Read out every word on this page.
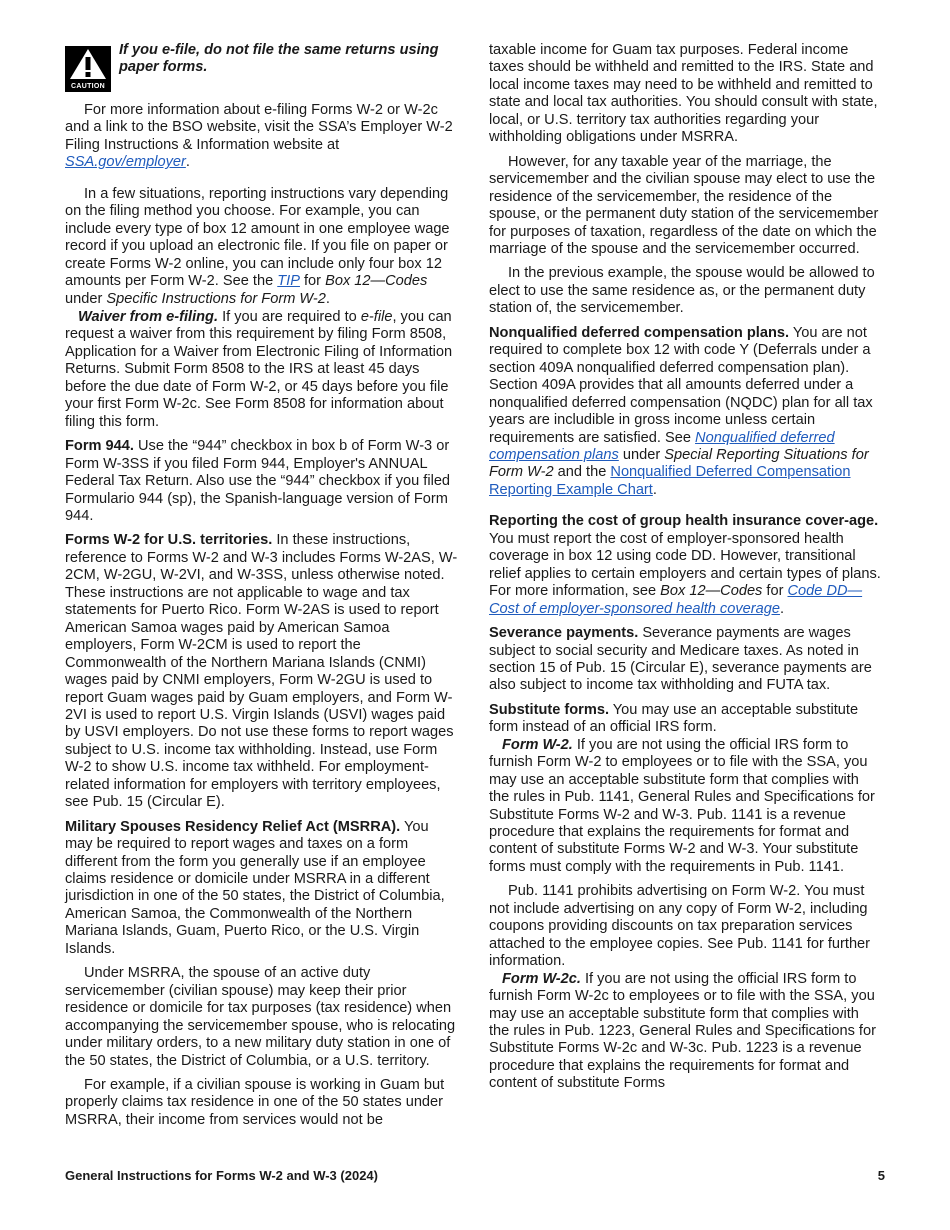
CAUTION
If you e-file, do not file the same returns using paper forms.

For more information about e-filing Forms W-2 or W-2c and a link to the BSO website, visit the SSA’s Employer W-2 Filing Instructions & Information website at SSA.gov/employer.

In a few situations, reporting instructions vary depending on the filing method you choose. For example, you can include every type of box 12 amount in one employee wage record if you upload an electronic file. If you file on paper or create Forms W-2 online, you can include only four box 12 amounts per Form W-2. See the TIP for Box 12—Codes under Specific Instructions for Form W-2.

Waiver from e-filing. If you are required to e-file, you can request a waiver from this requirement by filing Form 8508, Application for a Waiver from Electronic Filing of Information Returns. Submit Form 8508 to the IRS at least 45 days before the due date of Form W-2, or 45 days before you file your first Form W-2c. See Form 8508 for information about filing this form.

Form 944. Use the “944” checkbox in box b of Form W-3 or Form W-3SS if you filed Form 944, Employer's ANNUAL Federal Tax Return. Also use the “944” checkbox if you filed Formulario 944 (sp), the Spanish-language version of Form 944.

Forms W-2 for U.S. territories. In these instructions, reference to Forms W-2 and W-3 includes Forms W-2AS, W-2CM, W-2GU, W-2VI, and W-3SS, unless otherwise noted. These instructions are not applicable to wage and tax statements for Puerto Rico. Form W-2AS is used to report American Samoa wages paid by American Samoa employers, Form W-2CM is used to report the Commonwealth of the Northern Mariana Islands (CNMI) wages paid by CNMI employers, Form W-2GU is used to report Guam wages paid by Guam employers, and Form W-2VI is used to report U.S. Virgin Islands (USVI) wages paid by USVI employers. Do not use these forms to report wages subject to U.S. income tax withholding. Instead, use Form W-2 to show U.S. income tax withheld. For employment-related information for employers with territory employees, see Pub. 15 (Circular E).

Military Spouses Residency Relief Act (MSRRA). You may be required to report wages and taxes on a form different from the form you generally use if an employee claims residence or domicile under MSRRA in a different jurisdiction in one of the 50 states, the District of Columbia, American Samoa, the Commonwealth of the Northern Mariana Islands, Guam, Puerto Rico, or the U.S. Virgin Islands.

Under MSRRA, the spouse of an active duty servicemember (civilian spouse) may keep their prior residence or domicile for tax purposes (tax residence) when accompanying the servicemember spouse, who is relocating under military orders, to a new military duty station in one of the 50 states, the District of Columbia, or a U.S. territory.

For example, if a civilian spouse is working in Guam but properly claims tax residence in one of the 50 states under MSRRA, their income from services would not be

taxable income for Guam tax purposes. Federal income taxes should be withheld and remitted to the IRS. State and local income taxes may need to be withheld and remitted to state and local tax authorities. You should consult with state, local, or U.S. territory tax authorities regarding your withholding obligations under MSRRA.

However, for any taxable year of the marriage, the servicemember and the civilian spouse may elect to use the residence of the servicemember, the residence of the spouse, or the permanent duty station of the servicemember for purposes of taxation, regardless of the date on which the marriage of the spouse and the servicemember occurred.

In the previous example, the spouse would be allowed to elect to use the same residence as, or the permanent duty station of, the servicemember.

Nonqualified deferred compensation plans. You are not required to complete box 12 with code Y (Deferrals under a section 409A nonqualified deferred compensation plan). Section 409A provides that all amounts deferred under a nonqualified deferred compensation (NQDC) plan for all tax years are includible in gross income unless certain requirements are satisfied. See Nonqualified deferred compensation plans under Special Reporting Situations for Form W-2 and the Nonqualified Deferred Compensation Reporting Example Chart.

Reporting the cost of group health insurance cover-age. You must report the cost of employer-sponsored health coverage in box 12 using code DD. However, transitional relief applies to certain employers and certain types of plans. For more information, see Box 12—Codes for Code DD—Cost of employer-sponsored health coverage.

Severance payments. Severance payments are wages subject to social security and Medicare taxes. As noted in section 15 of Pub. 15 (Circular E), severance payments are also subject to income tax withholding and FUTA tax.

Substitute forms. You may use an acceptable substitute form instead of an official IRS form.

Form W-2. If you are not using the official IRS form to furnish Form W-2 to employees or to file with the SSA, you may use an acceptable substitute form that complies with the rules in Pub. 1141, General Rules and Specifications for Substitute Forms W-2 and W-3. Pub. 1141 is a revenue procedure that explains the requirements for format and content of substitute Forms W-2 and W-3. Your substitute forms must comply with the requirements in Pub. 1141.

Pub. 1141 prohibits advertising on Form W-2. You must not include advertising on any copy of Form W-2, including coupons providing discounts on tax preparation services attached to the employee copies. See Pub. 1141 for further information.

Form W-2c. If you are not using the official IRS form to furnish Form W-2c to employees or to file with the SSA, you may use an acceptable substitute form that complies with the rules in Pub. 1223, General Rules and Specifications for Substitute Forms W-2c and W-3c. Pub. 1223 is a revenue procedure that explains the requirements for format and content of substitute Forms

General Instructions for Forms W-2 and W-3 (2024)	5
